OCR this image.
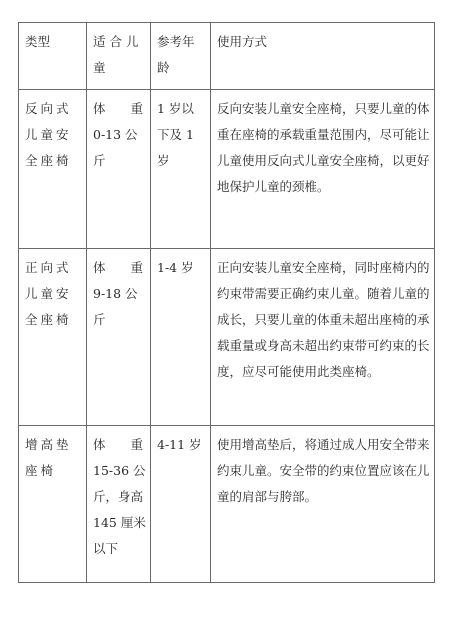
类型	适 合 儿 童	参考年龄	使用方式
反向式儿童安全座椅	体　　重 0-13 公斤	1 岁以下及 1 岁	反向安装儿童安全座椅，只要儿童的体重在座椅的承载重量范围内，尽可能让儿童使用反向式儿童安全座椅，以更好地保护儿童的颈椎。
正向式儿童安全座椅	体　　重 9-18 公斤	1-4 岁	正向安装儿童安全座椅，同时座椅内的约束带需要正确约束儿童。随着儿童的成长，只要儿童的体重未超出座椅的承载重量或身高未超出约束带可约束的长度，应尽可能使用此类座椅。
增高垫座椅	体　　重 15-36 公斤，身高 145 厘米以下	4-11 岁	使用增高垫后，将通过成人用安全带来约束儿童。安全带的约束位置应该在儿童的肩部与胯部。
